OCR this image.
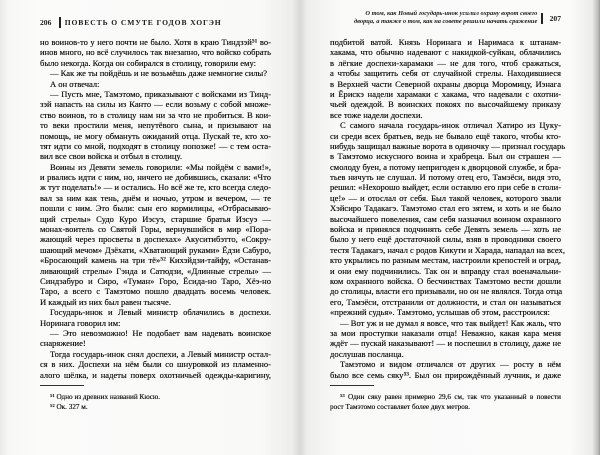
206 ПОВЕСТЬ О СМУТЕ ГОДОВ ХОГЭН
но воинов-то у него почти не было. Хотя в краю Тиндзэй⁵¹ во-
инов много, но всё случилось так внезапно, что войско собрать
было некогда. Когда он собирался в столицу, говорили ему:
— Как же ты пойдёшь и не возьмёшь даже немногие силы?
А он отвечал:
— Пусть мне, Тамэтомо, приказывают с войсками из Тинд-
зэй напасть на силы из Канто — если возьму с собой множе-
ство воинов, то в столицу нам ни за что не пробиться. В кои-
то веки простили меня, непутёвого сына, и призывают на
помощь, не могу обмануть ожиданий отца. Пускай те, кто хо-
тят идти со мной, подходят в столицу попозже! — с тем оста-
вил все свои войска и отбыл в столицу.
Воины из Девяти земель говорили: «Мы пойдём с вами!»,
и рвались идти с ним, но, ничего не добившись, сказали: «Что
ж тут поделать!» — и остались. Но всё же те, кто всегда следо-
вал за ним как тень, днём и ночью, утром и вечером, — те
пошли с ним. Это были: сын его кормилицы, «Отбрасываю-
щий стрелы» Судо Куро Иэсуэ, старшие братья Иэсуэ —
монах-воитель со Святой Горы, вернувшийся в мир «Пора-
жающий через просветы в доспехах» Акуситибэтто, «Сокру-
шающий мечом» Дзёхати, «Хватающий руками» Ёдзи Сабуро,
«Бросающий камень на три тё»⁵² Кихэйдзи-тайфу, «Останав-
ливающий стрелы» Гэнда и Сатюдзи, «Длинные стрелы» —
Синдзабуро и Сиро, «Туман» Горо, Ёсида-но Таро, Хёэ-но
Таро, а всего с Тамэтомо пошло двадцать восемь человек.
И каждый из них был равен тысяче.
Государь-инок и Левый министр облачились в доспехи.
Норинага говорил им:
— Это невозможно! Не подобает вам надевать воинское
снаряжение!
Тогда государь-инок снял доспехи, а Левый министр остал-
ся в них. Доспехи на нём были со шнуровкой из пламенно-
алого шёлка, и надеты поверх охотничьей одежды-каригину,
⁵¹ Одно из древних названий Кюсю.
⁵² Ок. 327 м.
О том, как Новый государь-инок усилил охрану ворот своего
дворца, а также о том, как на совете решили начать сражение 207
подбитой ватой. Князь Норинага и Наримаса к штанам-
хакама, что обычно надевают с накидкой-суйкан, облачились
в лёгкие доспехи-харамаки — не для того, чтоб сражаться,
а чтобы защитить себя от случайной стрелы. Находившиеся
в Верхней части Северной охраны дворца Моромицу, Иэнага
и Ёрискэ надели харамаки с хакама, что надевали с охотни-
чьей одеждой. В воинских покоях по высочайшему приказу
все тоже надели доспехи.
С самого начала государь-инок отличал Хатиро из Цуку-
си среди всех братьев, ведь не бывало ещё такого, чтобы кто-
нибудь защищал важные ворота в одиночку — признал государь
в Тамэтомо искусного воина и храбреца. Был он страшен —
смолоду буен, а потому непригоден к дворцовой службе, и бра-
тьев ничуть не слушал. И потому отец его, Тамэёси, видя это,
решил: «Нехорошо выйдет, если оставлю его при себе в столи-
це!» — и отослал от себя. Был такой человек, которого звали
Хэйсиро Тадакагэ. Тамэтомо стал его зятем, и хоть и не было
высочайшего повеления, сам себя назначил воином охранного
войска и принялся подчинять себе Девять земель — хоть не
было у него ещё достаточной силы, взяв в проводники своего
тестя Тадакагэ, начал с родов Кикути и Харада, нападал на всех,
кто укрылись по разным местам, настроили крепостей и оград,
и они ему подчинились. Так он и вправду стал военачальни-
ком охранного войска. О бесчинствах Тамэтомо вести дошли
до столицы, власти его призывали, но он не являлся. Тогда отца
его, Тамэёси, отстранили от должности, и стал он называться
«прежний судья». Тамэтомо, услышав об этом, расстроился:
— Вот уж и не думал я вовсе, что так выйдет! Как жаль, что
за мои проступки наказали отца! Неважно, какая кара меня
ждёт — пускай наказывают! — и поспешил в столицу, даже не
дослушав посланца.
Тамэтомо и видом отличался от других — росту в нём
было все семь сяку⁵³. Был он прирождённый лучник, и даже
⁵³ Один сяку равен примерно 29,6 см, так что указанный в повести
рост Тамэтомо составляет более двух метров.
